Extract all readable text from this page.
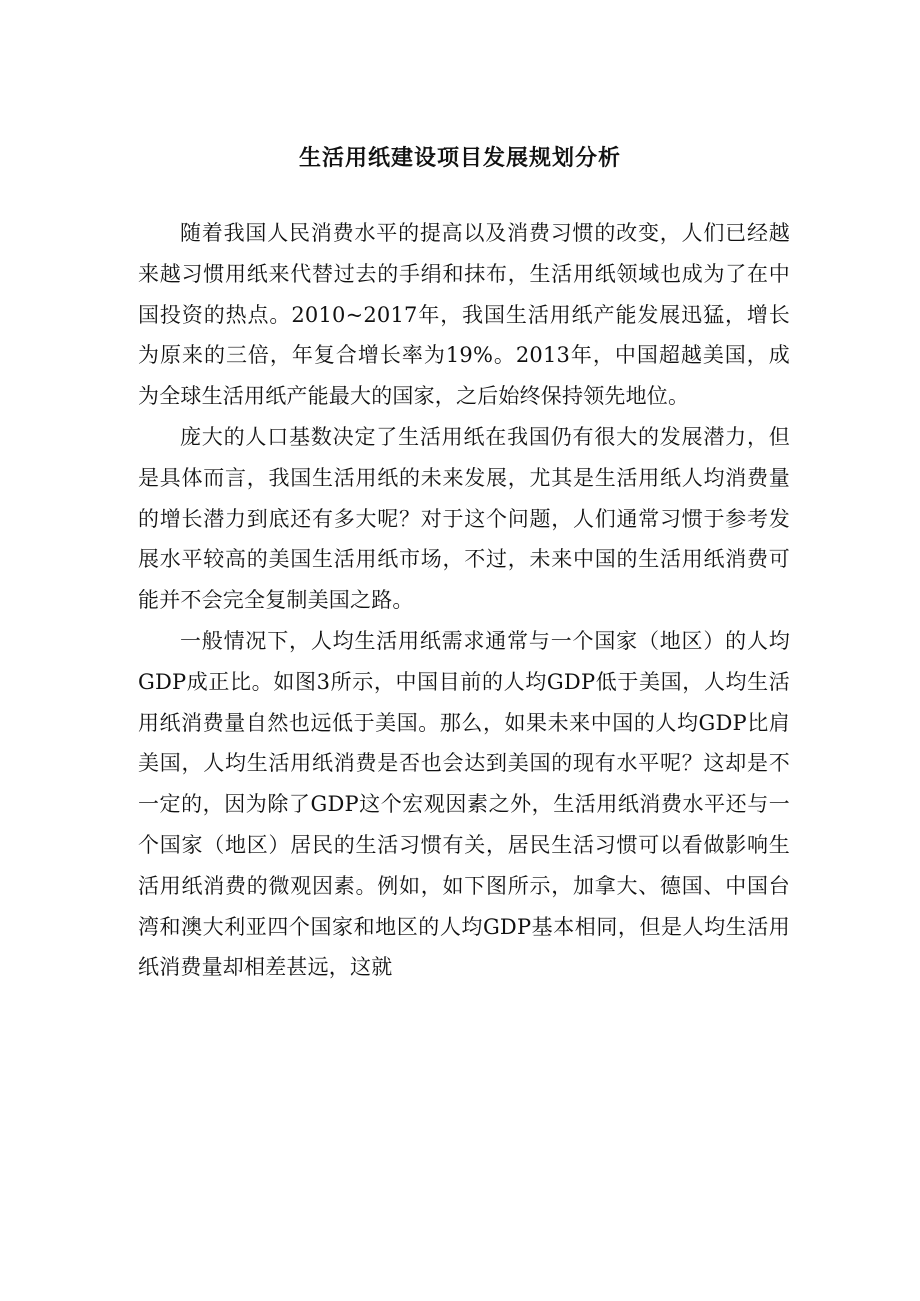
生活用纸建设项目发展规划分析

随着我国人民消费水平的提高以及消费习惯的改变，人们已经越来越习惯用纸来代替过去的手绢和抹布，生活用纸领域也成为了在中国投资的热点。2010~2017年，我国生活用纸产能发展迅猛，增长为原来的三倍，年复合增长率为19%。2013年，中国超越美国，成为全球生活用纸产能最大的国家，之后始终保持领先地位。

庞大的人口基数决定了生活用纸在我国仍有很大的发展潜力，但是具体而言，我国生活用纸的未来发展，尤其是生活用纸人均消费量的增长潜力到底还有多大呢？对于这个问题，人们通常习惯于参考发展水平较高的美国生活用纸市场，不过，未来中国的生活用纸消费可能并不会完全复制美国之路。

一般情况下，人均生活用纸需求通常与一个国家（地区）的人均GDP成正比。如图3所示，中国目前的人均GDP低于美国，人均生活用纸消费量自然也远低于美国。那么，如果未来中国的人均GDP比肩美国，人均生活用纸消费是否也会达到美国的现有水平呢？这却是不一定的，因为除了GDP这个宏观因素之外，生活用纸消费水平还与一个国家（地区）居民的生活习惯有关，居民生活习惯可以看做影响生活用纸消费的微观因素。例如，如下图所示，加拿大、德国、中国台湾和澳大利亚四个国家和地区的人均GDP基本相同，但是人均生活用纸消费量却相差甚远，这就
